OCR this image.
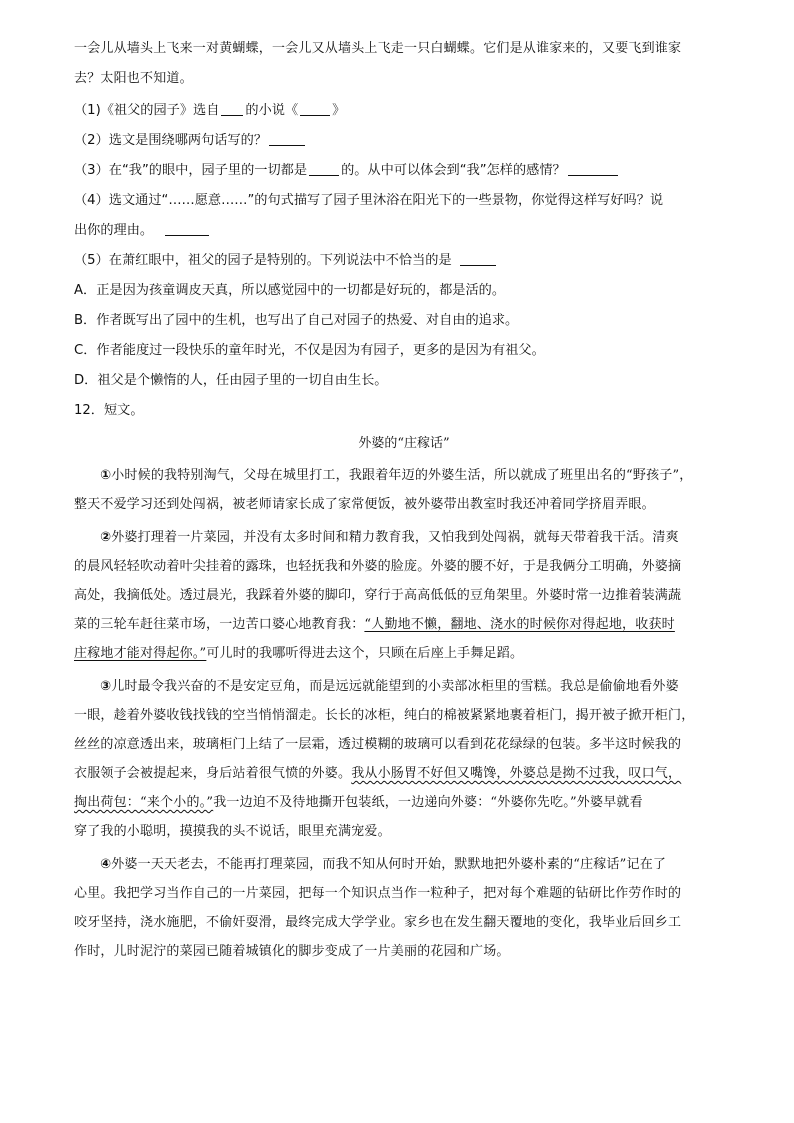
一会儿从墙头上飞来一对黄蝴蝶，一会儿又从墙头上飞走一只白蝴蝶。它们是从谁家来的，又要飞到谁家
去？太阳也不知道。
（1)《祖父的园子》选自 的小说《	》
（2）选文是围绕哪两句话写的？
（3）在“我”的眼中，园子里的一切都是	的。从中可以体会到“我”怎样的感情？
（4）选文通过“……愿意……”的句式描写了园子里沐浴在阳光下的一些景物，你觉得这样写好吗？说
出你的理由。
（5）在萧红眼中，祖父的园子是特别的。下列说法中不恰当的是
A．正是因为孩童调皮天真，所以感觉园中的一切都是好玩的，都是活的。
B．作者既写出了园中的生机，也写出了自己对园子的热爱、对自由的追求。
C．作者能度过一段快乐的童年时光，不仅是因为有园子，更多的是因为有祖父。
D．祖父是个懒惰的人，任由园子里的一切自由生长。
12．短文。
外婆的“庄稼话”
①小时候的我特别淘气，父母在城里打工，我跟着年迈的外婆生活，所以就成了班里出名的“野孩子”，
整天不爱学习还到处闯祸，被老师请家长成了家常便饭，被外婆带出教室时我还冲着同学挤眉弄眼。
②外婆打理着一片菜园，并没有太多时间和精力教育我，又怕我到处闯祸，就每天带着我干活。清爽
的晨风轻轻吹动着叶尖挂着的露珠，也轻抚我和外婆的脸庞。外婆的腰不好，于是我俩分工明确，外婆摘
高处，我摘低处。透过晨光，我踩着外婆的脚印，穿行于高高低低的豆角架里。外婆时常一边推着装满蔬
菜的三轮车赶往菜市场，一边苦口婆心地教育我：“人勤地不懒，翻地、浇水的时候你对得起地，收获时
庄稼地才能对得起你。”可儿时的我哪听得进去这个，只顾在后座上手舞足蹈。
③儿时最令我兴奋的不是安定豆角，而是远远就能望到的小卖部冰柜里的雪糕。我总是偷偷地看外婆
一眼，趁着外婆收钱找钱的空当悄悄溜走。长长的冰柜，纯白的棉被紧紧地裹着柜门，揭开被子掀开柜门，
丝丝的凉意透出来，玻璃柜门上结了一层霜，透过模糊的玻璃可以看到花花绿绿的包装。多半这时候我的
衣服领子会被提起来，身后站着很气愤的外婆。我从小肠胃不好但又嘴馋，外婆总是拗不过我，叹口气，
掏出荷包：“来个小的。”我一边迫不及待地撕开包装纸，一边递向外婆：“外婆你先吃。”外婆早就看
穿了我的小聪明，摸摸我的头不说话，眼里充满宠爱。
④外婆一天天老去，不能再打理菜园，而我不知从何时开始，默默地把外婆朴素的“庄稼话”记在了
心里。我把学习当作自己的一片菜园，把每一个知识点当作一粒种子，把对每个难题的钻研比作劳作时的
咬牙坚持，浇水施肥，不偷奸耍滑，最终完成大学学业。家乡也在发生翻天覆地的变化，我毕业后回乡工
作时，儿时泥泞的菜园已随着城镇化的脚步变成了一片美丽的花园和广场。
